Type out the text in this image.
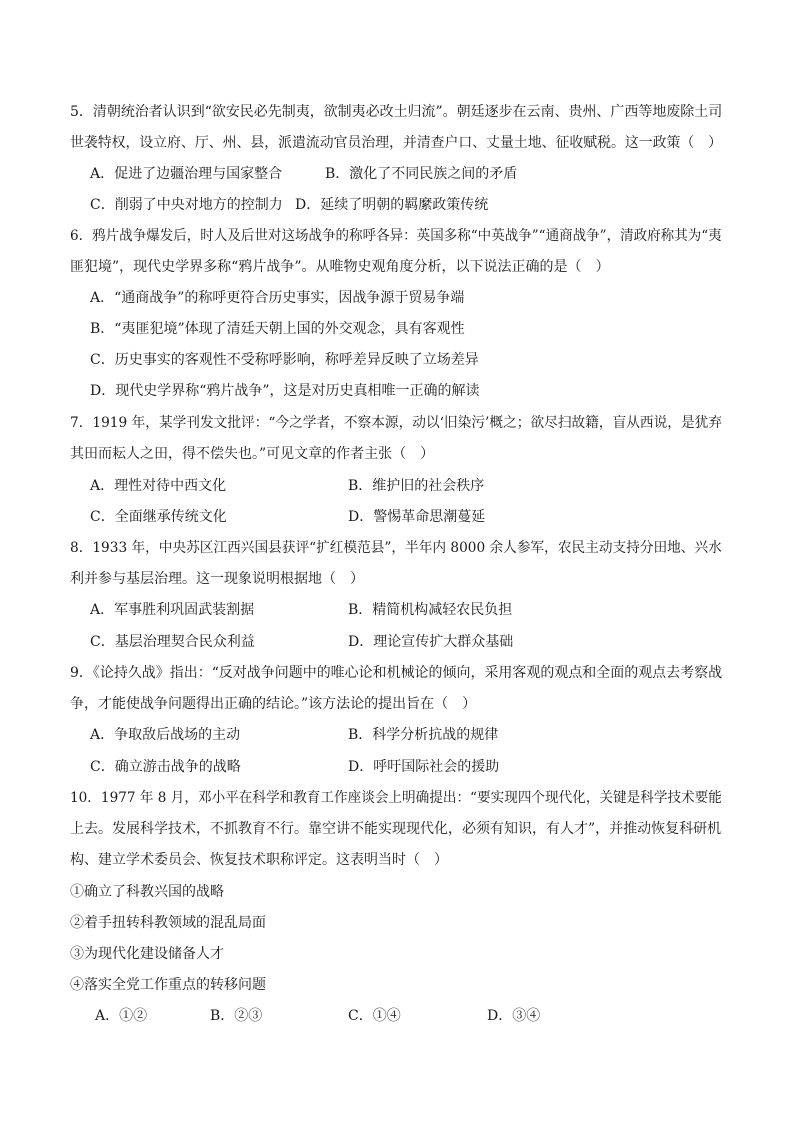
5．清朝统治者认识到“欲安民必先制夷，欲制夷必改土归流”。朝廷逐步在云南、贵州、广西等地废除土司
世袭特权，设立府、厅、州、县，派遣流动官员治理，并清查户口、丈量土地、征收赋税。这一政策（　）
A．促进了边疆治理与国家整合	B．激化了不同民族之间的矛盾
C．削弱了中央对地方的控制力 D．延续了明朝的羁縻政策传统
6．鸦片战争爆发后，时人及后世对这场战争的称呼各异：英国多称“中英战争”“通商战争”，清政府称其为“夷
匪犯境”，现代史学界多称“鸦片战争”。从唯物史观角度分析，以下说法正确的是（　）
A．“通商战争”的称呼更符合历史事实，因战争源于贸易争端
B．“夷匪犯境”体现了清廷天朝上国的外交观念，具有客观性
C．历史事实的客观性不受称呼影响，称呼差异反映了立场差异
D．现代史学界称“鸦片战争”，这是对历史真相唯一正确的解读
7．1919 年，某学刊发文批评：“今之学者，不察本源，动以‘旧染污’概之；欲尽扫故籍，盲从西说，是犹弃
其田而耘人之田，得不偿失也。”可见文章的作者主张（　）
A．理性对待中西文化	B．维护旧的社会秩序
C．全面继承传统文化	D．警惕革命思潮蔓延
8．1933 年，中央苏区江西兴国县获评“扩红模范县”，半年内 8000 余人参军，农民主动支持分田地、兴水
利并参与基层治理。这一现象说明根据地（　）
A．军事胜利巩固武装割据	B．精简机构减轻农民负担
C．基层治理契合民众利益	D．理论宣传扩大群众基础
9．《论持久战》指出：“反对战争问题中的唯心论和机械论的倾向，采用客观的观点和全面的观点去考察战
争，才能使战争问题得出正确的结论。”该方法论的提出旨在（　）
A．争取敌后战场的主动	B．科学分析抗战的规律
C．确立游击战争的战略	D．呼吁国际社会的援助
10．1977 年 8 月，邓小平在科学和教育工作座谈会上明确提出：“要实现四个现代化，关键是科学技术要能
上去。发展科学技术，不抓教育不行。靠空讲不能实现现代化，必须有知识，有人才”，并推动恢复科研机
构、建立学术委员会、恢复技术职称评定。这表明当时（　）
①确立了科教兴国的战略
②着手扭转科教领域的混乱局面
③为现代化建设储备人才
④落实全党工作重点的转移问题
A．①②	B．②③	C．①④	D．③④
